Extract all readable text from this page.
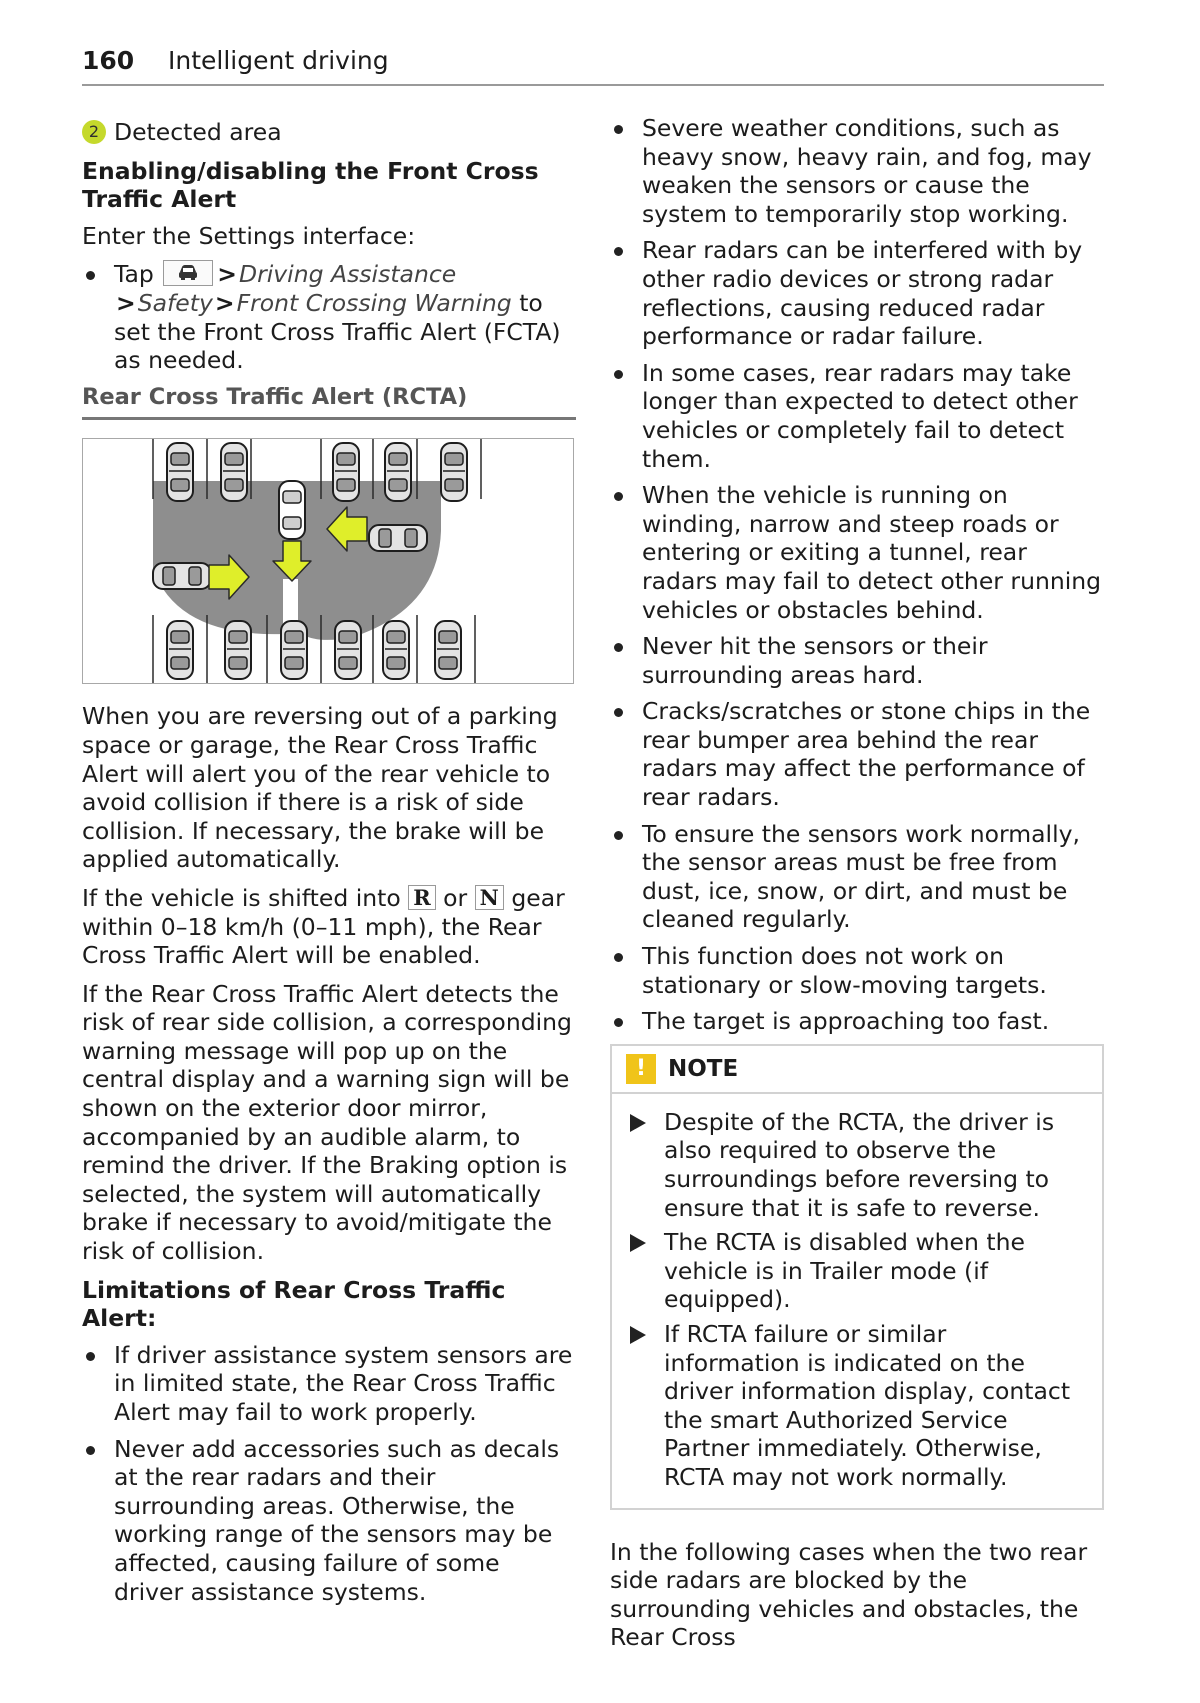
160 Intelligent driving
2 Detected area

Enabling/disabling the Front Cross Traffic Alert

Enter the Settings interface:

Tap	>Driving Assistance >Safety>Front Crossing Warning to set the Front Cross Traffic Alert (FCTA) as needed.
Rear Cross Traffic Alert (RCTA)

When you are reversing out of a parking space or garage, the Rear Cross Traffic Alert will alert you of the rear vehicle to avoid collision if there is a risk of side collision. If necessary, the brake will be applied automatically.

If the vehicle is shifted into R or N gear within 0–18 km/h (0–11 mph), the Rear Cross Traffic Alert will be enabled.

If the Rear Cross Traffic Alert detects the risk of rear side collision, a corresponding warning message will pop up on the central display and a warning sign will be shown on the exterior door mirror, accompanied by an audible alarm, to remind the driver. If the Braking option is selected, the system will automatically brake if necessary to avoid/mitigate the risk of collision.

Limitations of Rear Cross Traffic Alert:

If driver assistance system sensors are in limited state, the Rear Cross Traffic Alert may fail to work properly.
Never add accessories such as decals at the rear radars and their surrounding areas. Otherwise, the working range of the sensors may be affected, causing failure of some driver assistance systems.
Severe weather conditions, such as heavy snow, heavy rain, and fog, may weaken the sensors or cause the system to temporarily stop working.
Rear radars can be interfered with by other radio devices or strong radar reflections, causing reduced radar performance or radar failure.
In some cases, rear radars may take longer than expected to detect other vehicles or completely fail to detect them.
When the vehicle is running on winding, narrow and steep roads or entering or exiting a tunnel, rear radars may fail to detect other running vehicles or obstacles behind.
Never hit the sensors or their surrounding areas hard.
Cracks/scratches or stone chips in the rear bumper area behind the rear radars may affect the performance of rear radars.
To ensure the sensors work normally, the sensor areas must be free from dust, ice, snow, or dirt, and must be cleaned regularly.
This function does not work on stationary or slow-moving targets.
The target is approaching too fast.
! NOTE
Despite of the RCTA, the driver is also required to observe the surroundings before reversing to ensure that it is safe to reverse.
The RCTA is disabled when the vehicle is in Trailer mode (if equipped).
If RCTA failure or similar information is indicated on the driver information display, contact the smart Authorized Service Partner immediately. Otherwise, RCTA may not work normally.

In the following cases when the two rear side radars are blocked by the surrounding vehicles and obstacles, the Rear Cross
